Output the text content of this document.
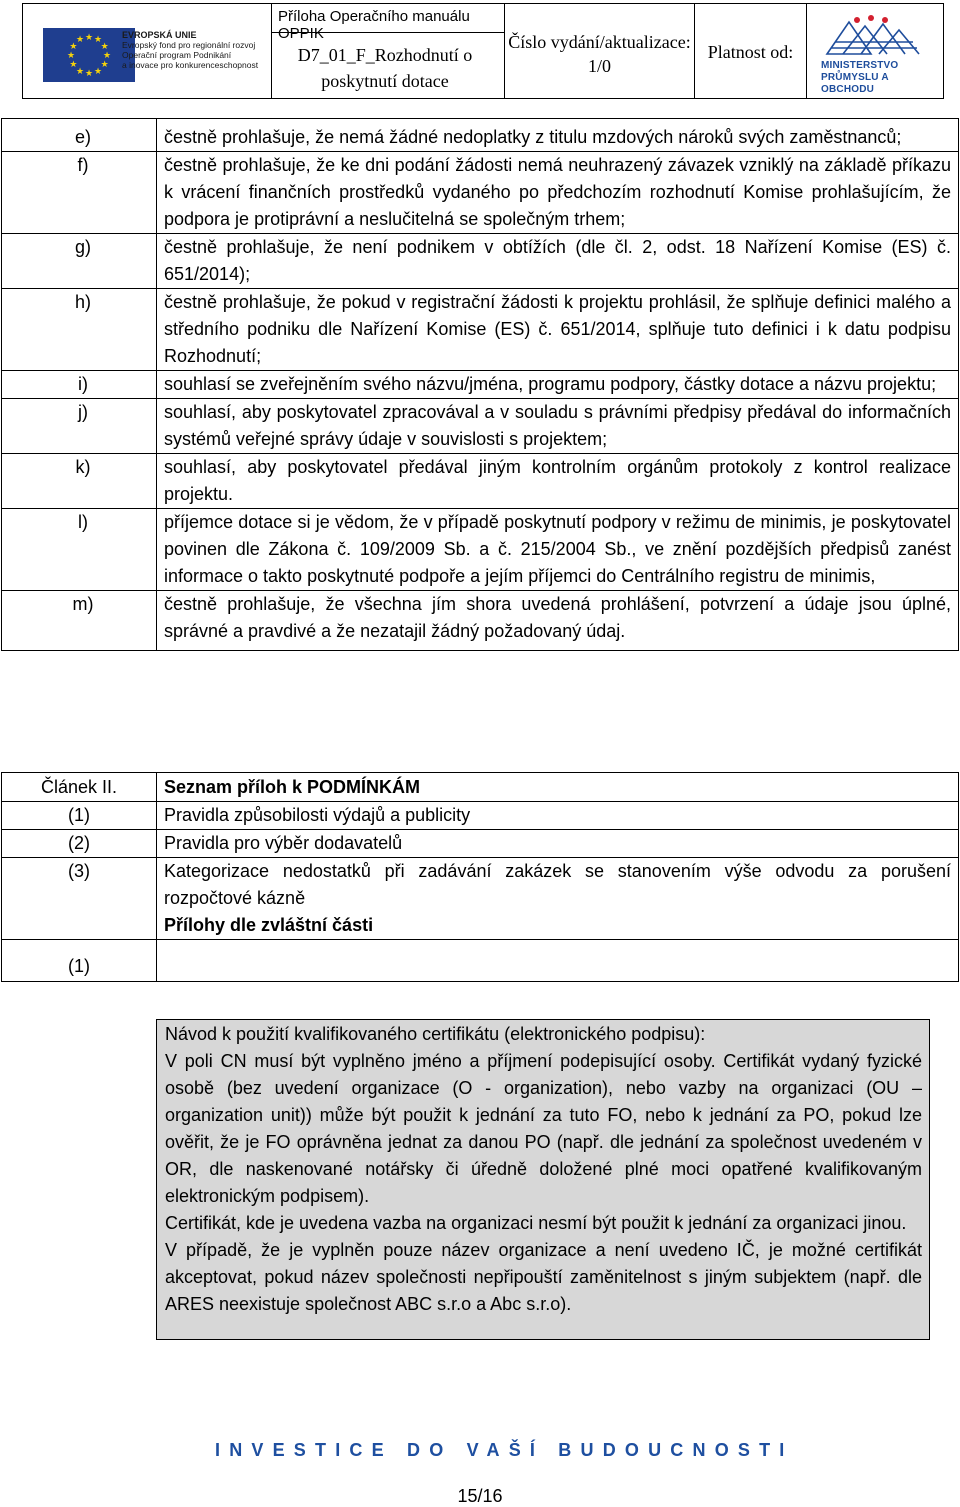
★
★
★
★
★
★
★
★
★ ★ ★
★
EVROPSKÁ UNIE
Evropský fond pro regionální rozvoj
Operační program Podnikání
a inovace pro konkurenceschopnost
Příloha Operačního manuálu OPPIK
D7_01_F_Rozhodnutí o poskytnutí dotace
Číslo vydání/aktualizace: 1/0
Platnost od:
MINISTERSTVO
PRŮMYSLU A OBCHODU
e)	čestně prohlašuje, že nemá žádné nedoplatky z titulu mzdových nároků svých zaměstnanců;
f)	čestně prohlašuje, že ke dni podání žádosti nemá neuhrazený závazek vzniklý na základě příkazu k vrácení finančních prostředků vydaného po předchozím rozhodnutí Komise prohlašujícím, že podpora je protiprávní a neslučitelná se společným trhem;
g)	čestně prohlašuje, že není podnikem v obtížích (dle čl. 2, odst. 18 Nařízení Komise (ES) č. 651/2014);
h)	čestně prohlašuje, že pokud v registrační žádosti k projektu prohlásil, že splňuje definici malého a středního podniku dle Nařízení Komise (ES) č. 651/2014, splňuje tuto definici i k datu podpisu Rozhodnutí;
i)	souhlasí se zveřejněním svého názvu/jména, programu podpory, částky dotace a názvu projektu;
j)	souhlasí, aby poskytovatel zpracovával a v souladu s právními předpisy předával do informačních systémů veřejné správy údaje v souvislosti s projektem;
k)	souhlasí, aby poskytovatel předával jiným kontrolním orgánům protokoly z kontrol realizace projektu.
l)	příjemce dotace si je vědom, že v případě poskytnutí podpory v režimu de minimis, je poskytovatel povinen dle Zákona č. 109/2009 Sb. a č. 215/2004 Sb., ve znění pozdějších předpisů zanést informace o takto poskytnuté podpoře a jejím příjemci do Centrálního registru de minimis,
m)	čestně prohlašuje, že všechna jím shora uvedená prohlášení, potvrzení a údaje jsou úplné, správné a pravdivé a že nezatajil žádný požadovaný údaj.
Článek II.	Seznam příloh k PODMÍNKÁM
(1)	Pravidla způsobilosti výdajů a publicity
(2)	Pravidla pro výběr dodavatelů
(3)	Kategorizace nedostatků při zadávání zakázek se stanovením výše odvodu za porušení rozpočtové kázně
Přílohy dle zvláštní části

(1)	

Návod k použití kvalifikovaného certifikátu (elektronického podpisu):

V poli CN musí být vyplněno jméno a příjmení podepisující osoby. Certifikát vydaný fyzické osobě (bez uvedení organizace (O - organization), nebo vazby na organizaci (OU – organization unit)) může být použit k jednání za tuto FO, nebo k jednání za PO, pokud lze ověřit, že je FO oprávněna jednat za danou PO (např. dle jednání za společnost uvedeném v OR, dle naskenované notářsky či úředně doložené plné moci opatřené kvalifikovaným elektronickým podpisem).

Certifikát, kde je uvedena vazba na organizaci nesmí být použit k jednání za organizaci jinou.

V případě, že je vyplněn pouze název organizace a není uvedeno IČ, je možné certifikát akceptovat, pokud název společnosti nepřipouští zaměnitelnost s jiným subjektem (např. dle ARES neexistuje společnost ABC s.r.o a Abc s.r.o).

INVESTICE DO VAŠÍ BUDOUCNOSTI
15/16
